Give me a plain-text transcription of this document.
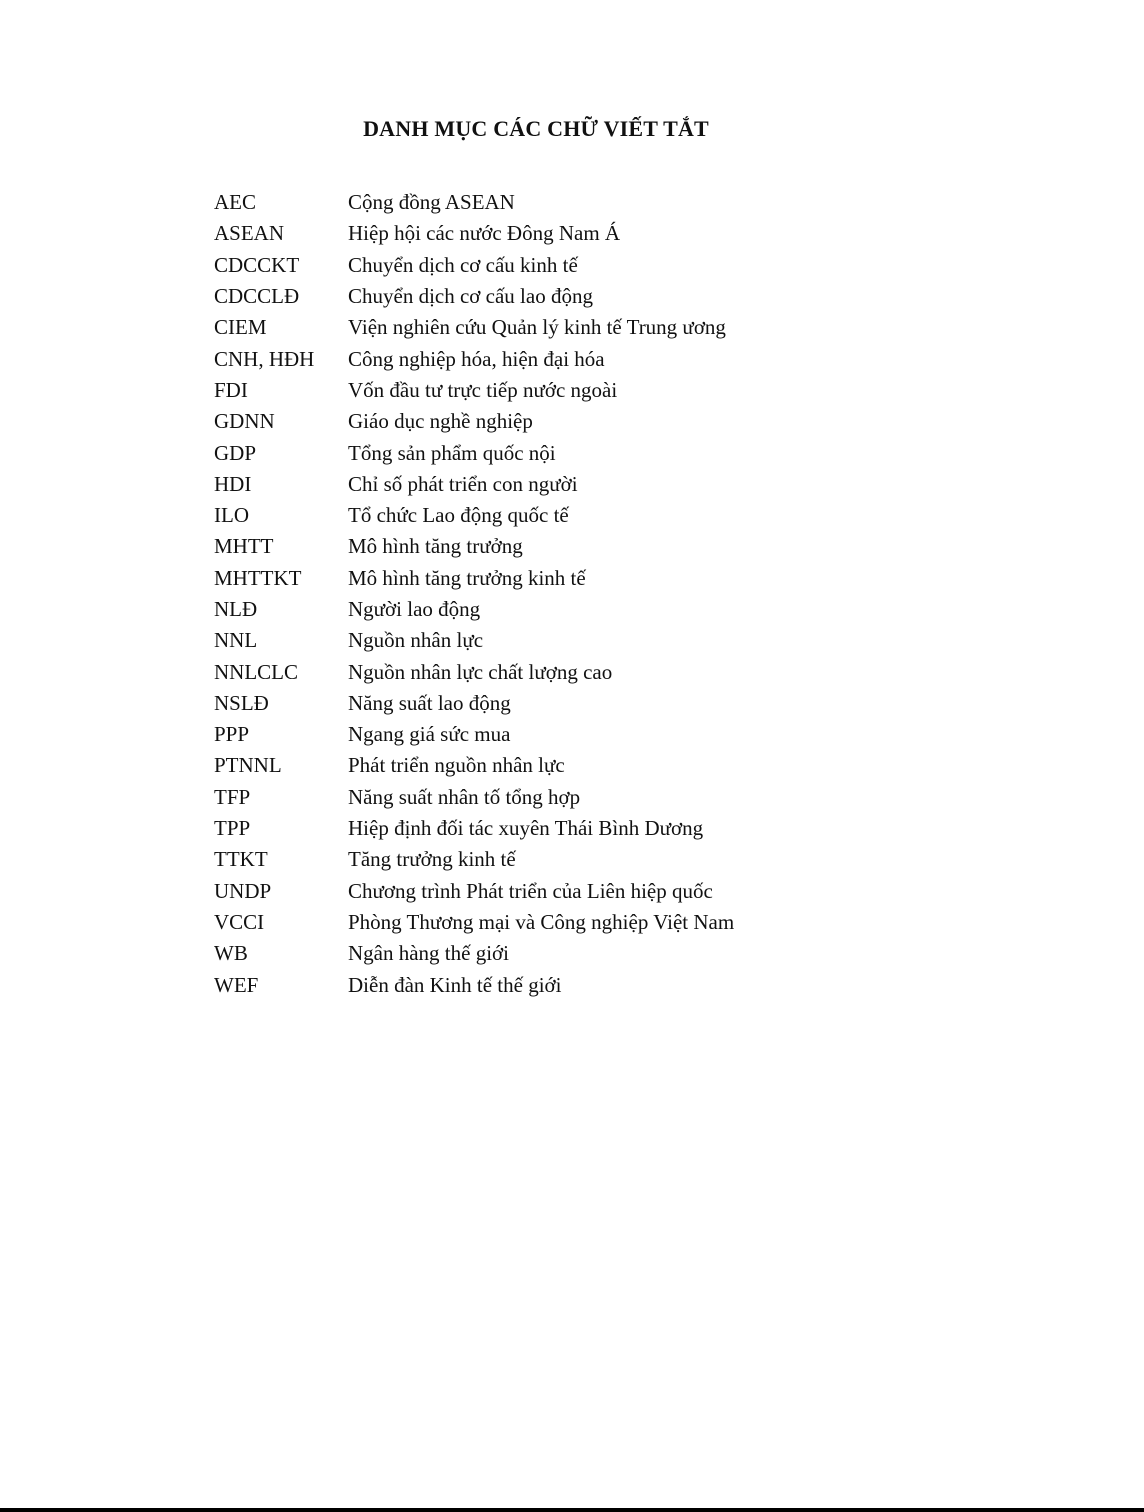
DANH MỤC CÁC CHỮ VIẾT TẮT
AEC	Cộng đồng ASEAN
ASEAN	Hiệp hội các nước Đông Nam Á
CDCCKT	Chuyển dịch cơ cấu kinh tế
CDCCLĐ	Chuyển dịch cơ cấu lao động
CIEM	Viện nghiên cứu Quản lý kinh tế Trung ương
CNH, HĐH	Công nghiệp hóa, hiện đại hóa
FDI	Vốn đầu tư trực tiếp nước ngoài
GDNN	Giáo dục nghề nghiệp
GDP	Tổng sản phẩm quốc nội
HDI	Chỉ số phát triển con người
ILO	Tổ chức Lao động quốc tế
MHTT	Mô hình tăng trưởng
MHTTKT	Mô hình tăng trưởng kinh tế
NLĐ	Người lao động
NNL	Nguồn nhân lực
NNLCLC	Nguồn nhân lực chất lượng cao
NSLĐ	Năng suất lao động
PPP	Ngang giá sức mua
PTNNL	Phát triển nguồn nhân lực
TFP	Năng suất nhân tố tổng hợp
TPP	Hiệp định đối tác xuyên Thái Bình Dương
TTKT	Tăng trưởng kinh tế
UNDP	Chương trình Phát triển của Liên hiệp quốc
VCCI	Phòng Thương mại và Công nghiệp Việt Nam
WB	Ngân hàng thế giới
WEF	Diễn đàn Kinh tế thế giới
